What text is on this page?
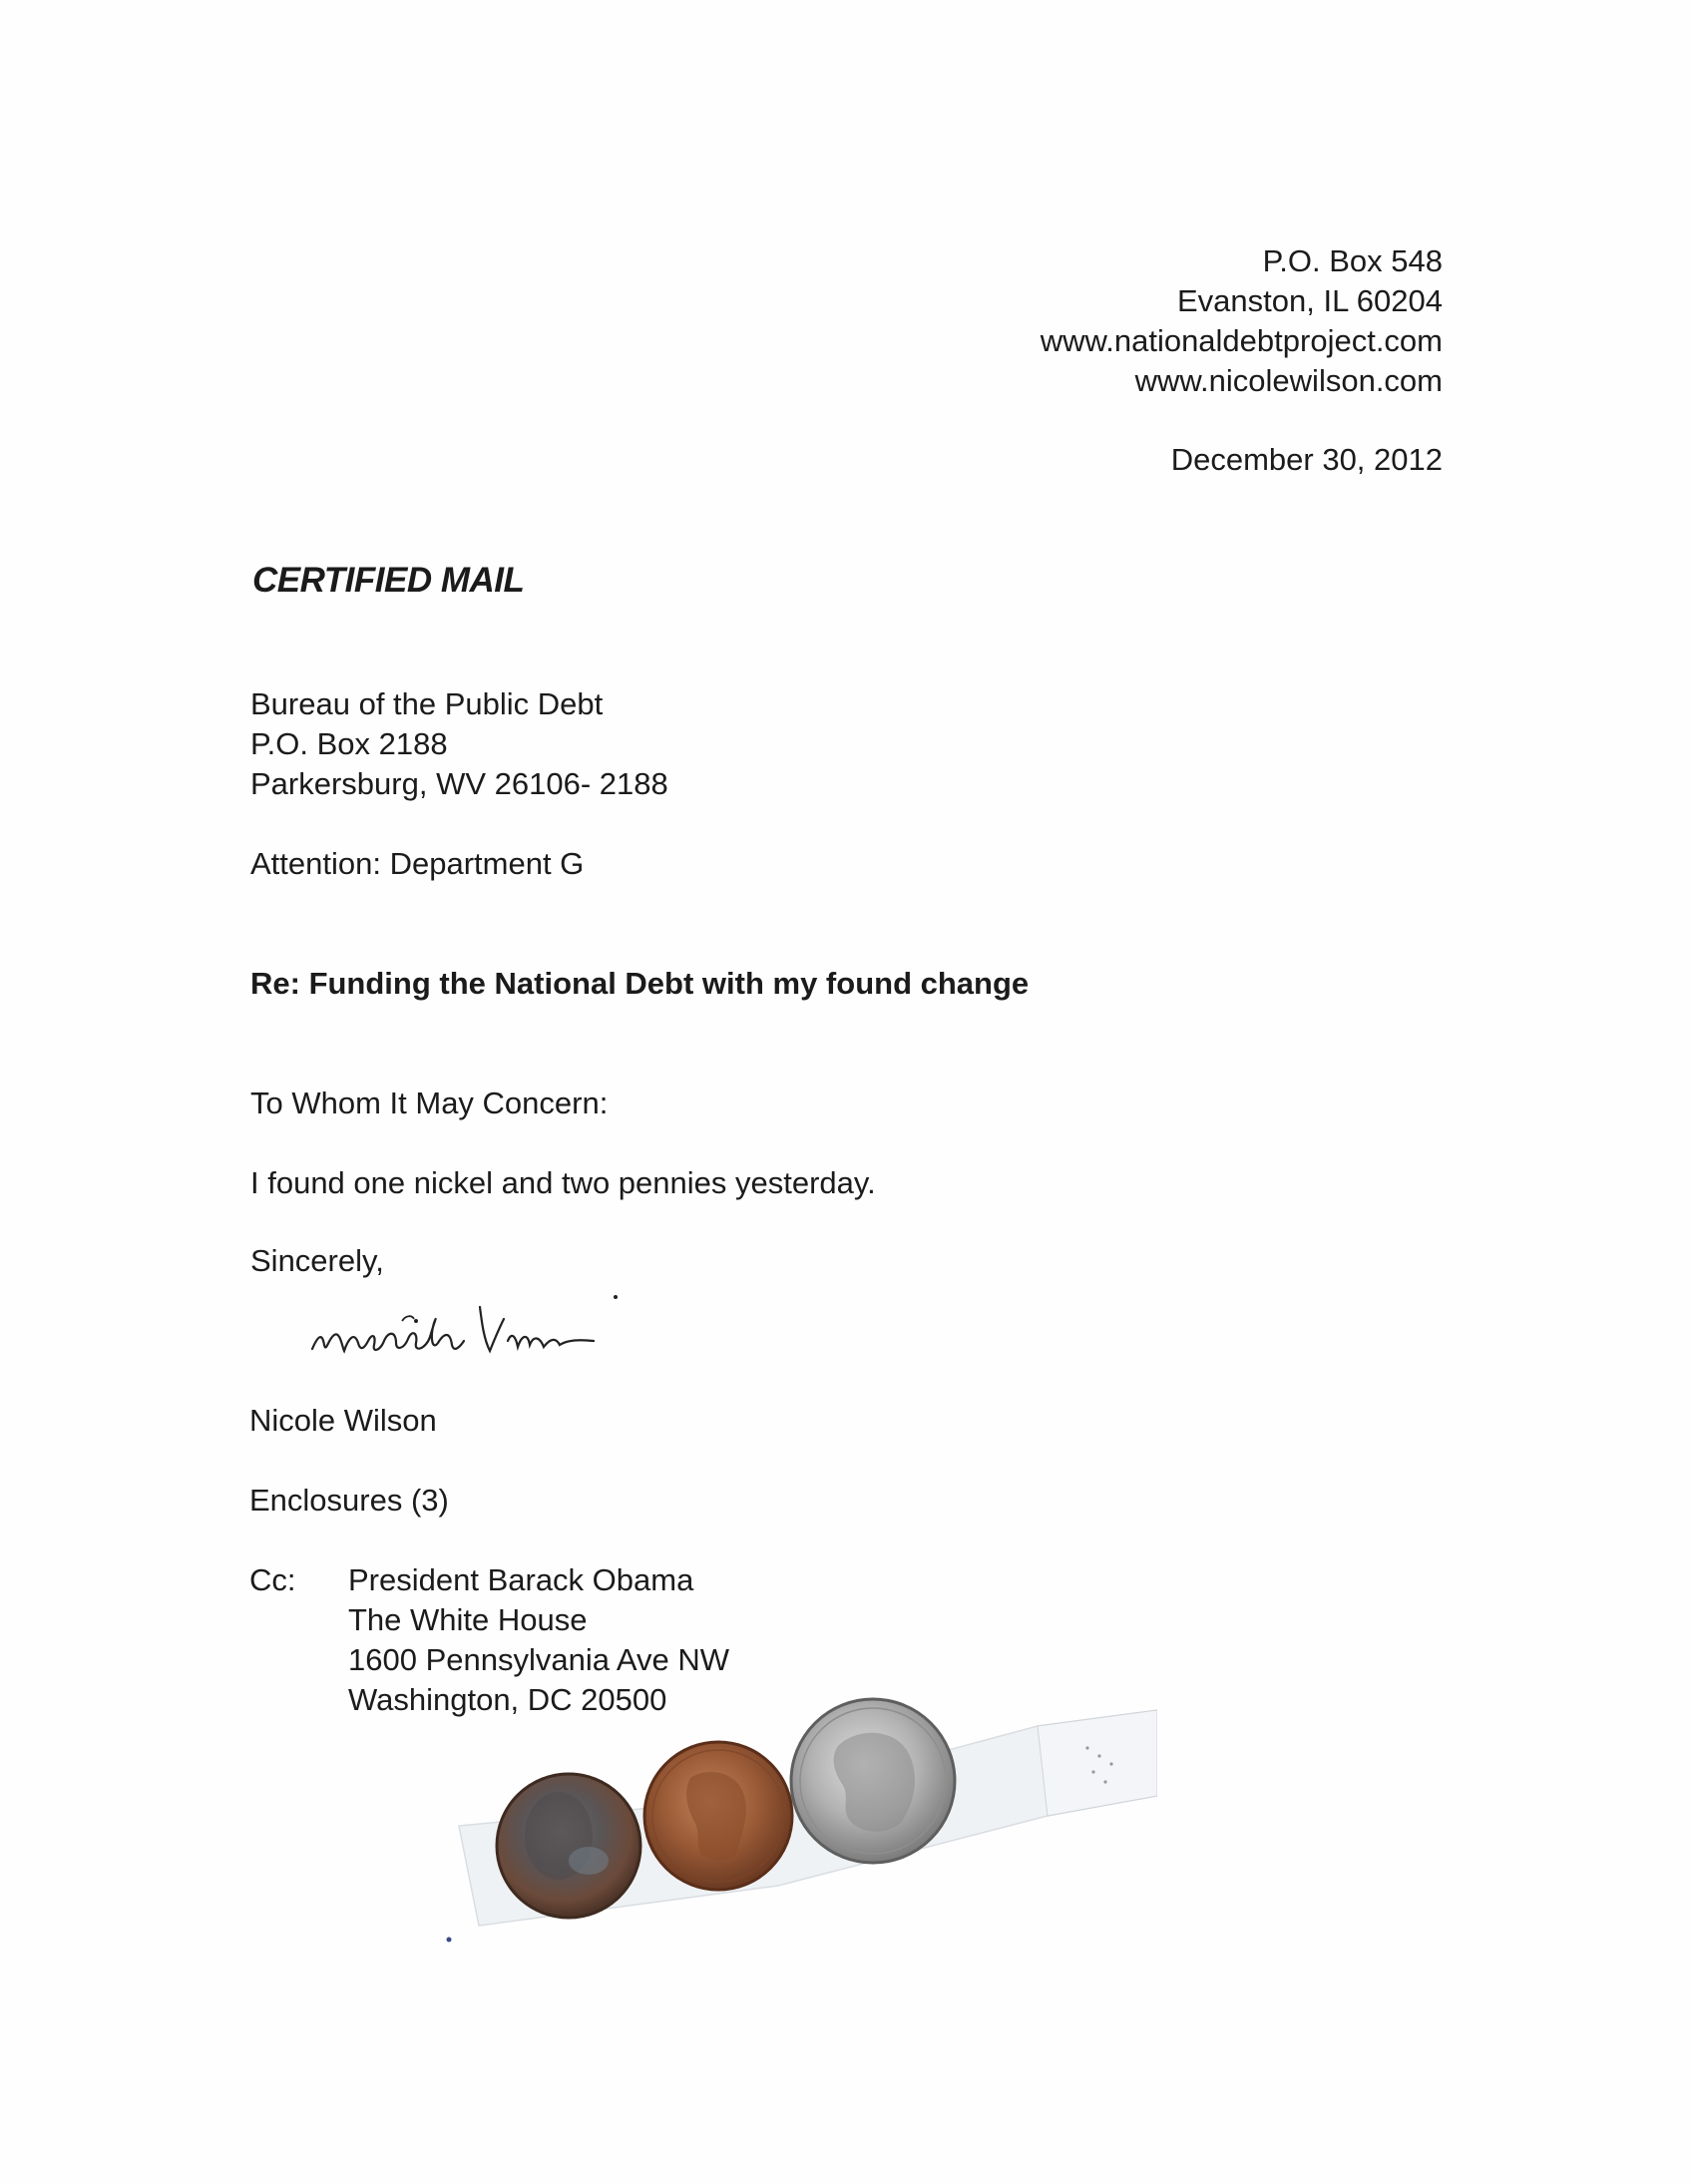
P.O. Box 548
Evanston, IL 60204
www.nationaldebtproject.com
www.nicolewilson.com
December 30, 2012
CERTIFIED MAIL
Bureau of the Public Debt
P.O. Box 2188
Parkersburg, WV 26106- 2188
Attention: Department G
Re: Funding the National Debt with my found change
To Whom It May Concern:
I found one nickel and two pennies yesterday.
Sincerely,
Nicole Wilson
Enclosures (3)
Cc: President Barack Obama
The White House
1600 Pennsylvania Ave NW
Washington, DC 20500
